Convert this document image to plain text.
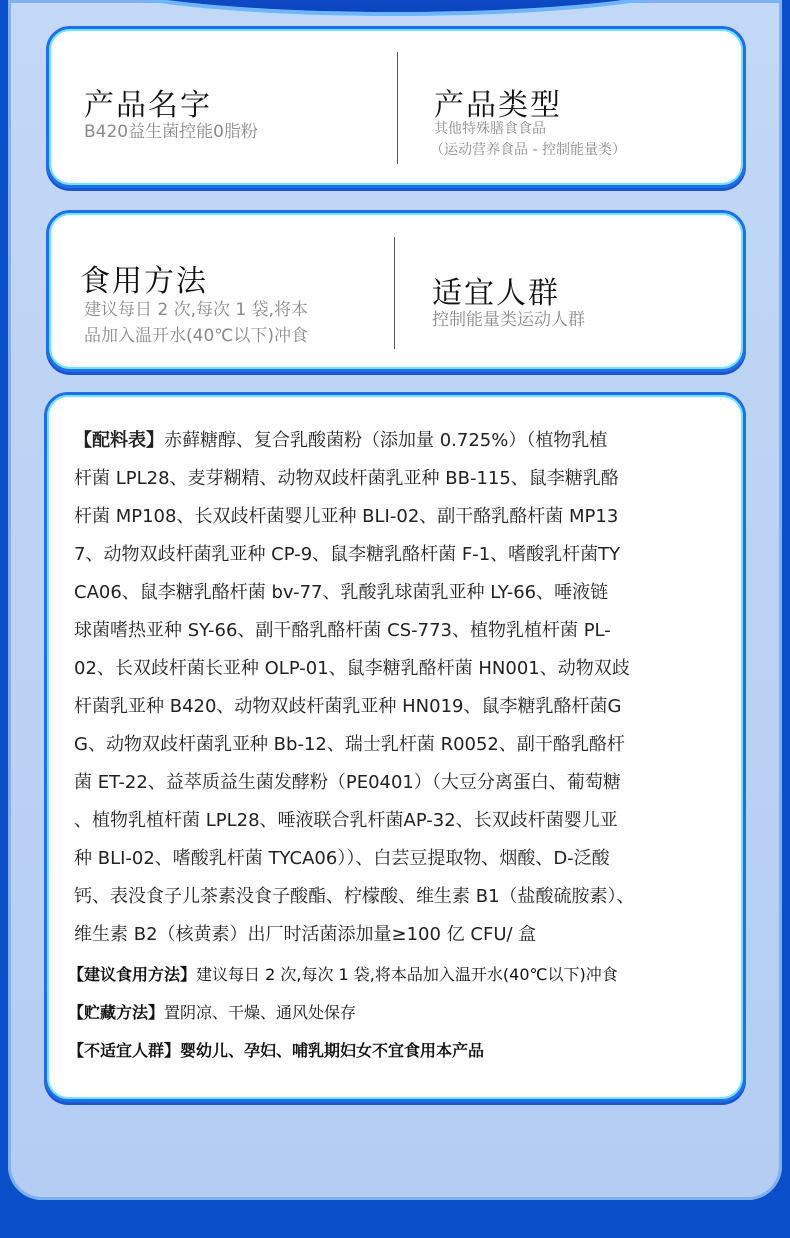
产品名字
B420益生菌控能0脂粉
产品类型
其他特殊膳食食品
（运动营养食品 - 控制能量类）
食用方法
建议每日 2 次,每次 1 袋,将本
品加入温开水(40℃以下)冲食
适宜人群
控制能量类运动人群
【配料表】赤藓糖醇、复合乳酸菌粉（添加量 0.725%）（植物乳植
杆菌 LPL28、麦芽糊精、动物双歧杆菌乳亚种 BB-115、鼠李糖乳酪
杆菌 MP108、长双歧杆菌婴儿亚种 BLI-02、副干酪乳酪杆菌 MP13
7、动物双歧杆菌乳亚种 CP-9、鼠李糖乳酪杆菌 F-1、嗜酸乳杆菌TY
CA06、鼠李糖乳酪杆菌 bv-77、乳酸乳球菌乳亚种 LY-66、唾液链
球菌嗜热亚种 SY-66、副干酪乳酪杆菌 CS-773、植物乳植杆菌 PL-
02、长双歧杆菌长亚种 OLP-01、鼠李糖乳酪杆菌 HN001、动物双歧
杆菌乳亚种 B420、动物双歧杆菌乳亚种 HN019、鼠李糖乳酪杆菌G
G、动物双歧杆菌乳亚种 Bb-12、瑞士乳杆菌 R0052、副干酪乳酪杆
菌 ET-22、益萃质益生菌发酵粉（PE0401）（大豆分离蛋白、葡萄糖
、植物乳植杆菌 LPL28、唾液联合乳杆菌AP-32、长双歧杆菌婴儿亚
种 BLI-02、嗜酸乳杆菌 TYCA06））、白芸豆提取物、烟酸、D-泛酸
钙、表没食子儿茶素没食子酸酯、柠檬酸、维生素 B1（盐酸硫胺素）、
维生素 B2（核黄素）出厂时活菌添加量≥100 亿 CFU/ 盒
【建议食用方法】建议每日 2 次,每次 1 袋,将本品加入温开水(40℃以下)冲食
【贮藏方法】置阴凉、干燥、通风处保存
【不适宜人群】婴幼儿、孕妇、哺乳期妇女不宜食用本产品
